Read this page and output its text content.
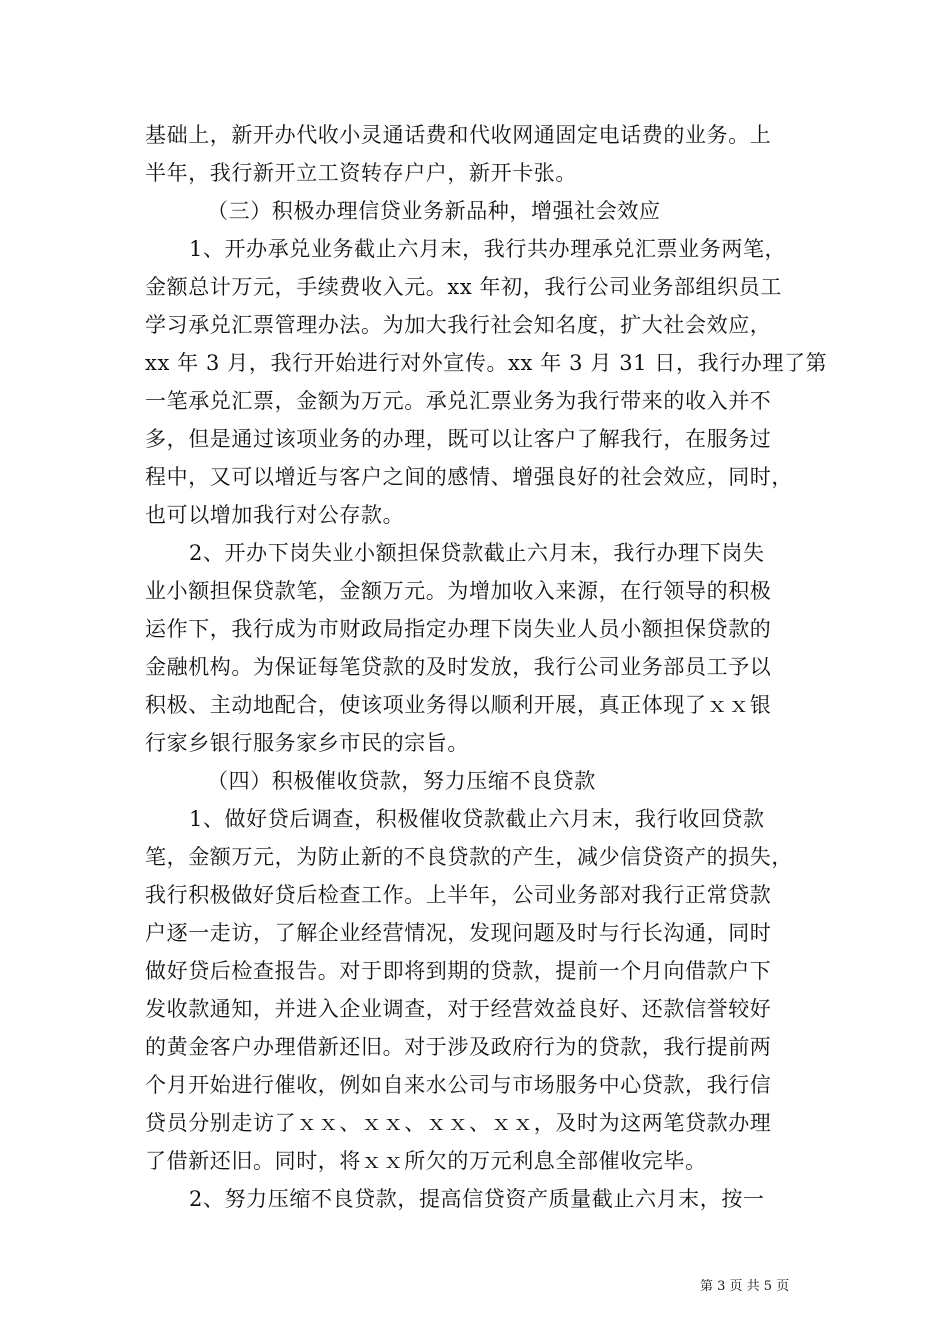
基础上，新开办代收小灵通话费和代收网通固定电话费的业务。上
半年，我行新开立工资转存户户，新开卡张。
（三）积极办理信贷业务新品种，增强社会效应
1、开办承兑业务截止六月末，我行共办理承兑汇票业务两笔，
金额总计万元，手续费收入元。xx 年初，我行公司业务部组织员工
学习承兑汇票管理办法。为加大我行社会知名度，扩大社会效应，
xx 年 3 月，我行开始进行对外宣传。xx 年 3 月 31 日，我行办理了第
一笔承兑汇票，金额为万元。承兑汇票业务为我行带来的收入并不
多，但是通过该项业务的办理，既可以让客户了解我行，在服务过
程中，又可以增近与客户之间的感情、增强良好的社会效应，同时，
也可以增加我行对公存款。
2、开办下岗失业小额担保贷款截止六月末，我行办理下岗失
业小额担保贷款笔，金额万元。为增加收入来源，在行领导的积极
运作下，我行成为市财政局指定办理下岗失业人员小额担保贷款的
金融机构。为保证每笔贷款的及时发放，我行公司业务部员工予以
积极、主动地配合，使该项业务得以顺利开展，真正体现了ｘｘ银
行家乡银行服务家乡市民的宗旨。
（四）积极催收贷款，努力压缩不良贷款
1、做好贷后调查，积极催收贷款截止六月末，我行收回贷款
笔，金额万元，为防止新的不良贷款的产生，减少信贷资产的损失，
我行积极做好贷后检查工作。上半年，公司业务部对我行正常贷款
户逐一走访，了解企业经营情况，发现问题及时与行长沟通，同时
做好贷后检查报告。对于即将到期的贷款，提前一个月向借款户下
发收款通知，并进入企业调查，对于经营效益良好、还款信誉较好
的黄金客户办理借新还旧。对于涉及政府行为的贷款，我行提前两
个月开始进行催收，例如自来水公司与市场服务中心贷款，我行信
贷员分别走访了ｘｘ、ｘｘ、ｘｘ、ｘｘ，及时为这两笔贷款办理
了借新还旧。同时，将ｘｘ所欠的万元利息全部催收完毕。
2、努力压缩不良贷款，提高信贷资产质量截止六月末，按一
第 3 页 共 5 页
